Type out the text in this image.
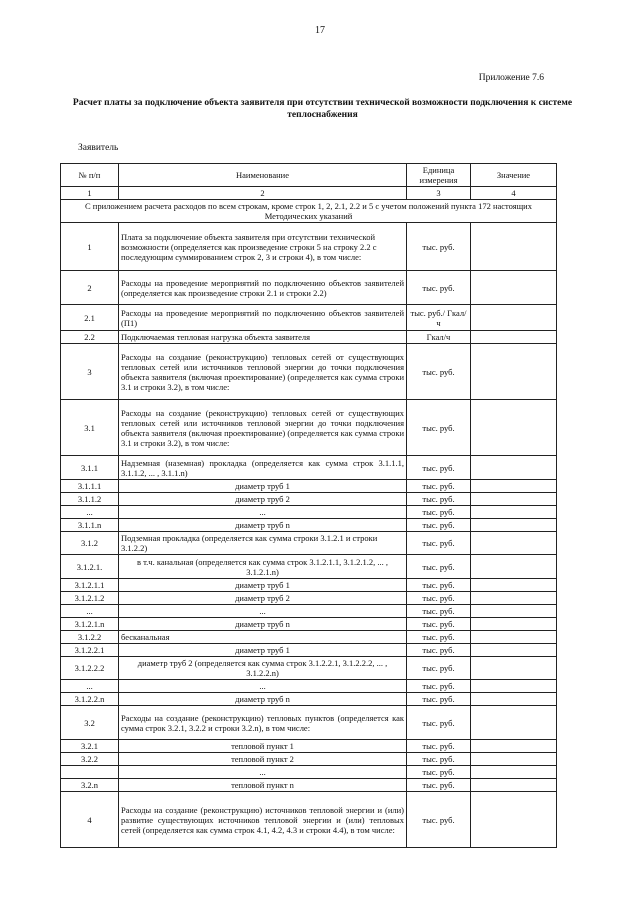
17
Приложение 7.6
Расчет платы за подключение объекта заявителя при отсутствии технической возможности подключения к системе теплоснабжения
Заявитель
№ п/п	Наименование	Единица измерения	Значение
1	2	3	4
С приложением расчета расходов по всем строкам, кроме строк 1, 2, 2.1, 2.2 и 5 с учетом положений пункта 172 настоящих Методических указаний			
1	Плата за подключение объекта заявителя при отсутствии технической возможности (определяется как произведение строки 5 на строку 2.2 с последующим суммированием строк 2, 3 и строки 4), в том числе:	тыс. руб.	
2	Расходы на проведение мероприятий по подключению объектов заявителей (определяется как произведение строки 2.1 и строки 2.2)	тыс. руб.	
2.1	Расходы на проведение мероприятий по подключению объектов заявителей (П1)	тыс. руб./ Гкал/ч	
2.2	Подключаемая тепловая нагрузка объекта заявителя	Гкал/ч	
3	Расходы на создание (реконструкцию) тепловых сетей от существующих тепловых сетей или источников тепловой энергии до точки подключения объекта заявителя (включая проектирование) (определяется как сумма строки 3.1 и строки 3.2), в том числе:	тыс. руб.	
3.1	Расходы на создание (реконструкцию) тепловых сетей от существующих тепловых сетей или источников тепловой энергии до точки подключения объекта заявителя (включая проектирование) (определяется как сумма строки 3.1 и строки 3.2), в том числе:	тыс. руб.	
3.1.1	Надземная (наземная) прокладка (определяется как сумма строк 3.1.1.1, 3.1.1.2, ... , 3.1.1.n)	тыс. руб.	
3.1.1.1	диаметр труб 1	тыс. руб.	
3.1.1.2	диаметр труб 2	тыс. руб.	
...	...	тыс. руб.	
3.1.1.n	диаметр труб n	тыс. руб.	
3.1.2	Подземная прокладка (определяется как сумма строки 3.1.2.1 и строки 3.1.2.2)	тыс. руб.	
3.1.2.1.	в т.ч. канальная (определяется как сумма строк 3.1.2.1.1, 3.1.2.1.2, ... , 3.1.2.1.n)	тыс. руб.	
3.1.2.1.1	диаметр труб 1	тыс. руб.	
3.1.2.1.2	диаметр труб 2	тыс. руб.	
...	...	тыс. руб.	
3.1.2.1.n	диаметр труб n	тыс. руб.	
3.1.2.2	бесканальная	тыс. руб.	
3.1.2.2.1	диаметр труб 1	тыс. руб.	
3.1.2.2.2	диаметр труб 2 (определяется как сумма строк 3.1.2.2.1, 3.1.2.2.2, ... , 3.1.2.2.n)	тыс. руб.	
...	...	тыс. руб.	
3.1.2.2.n	диаметр труб n	тыс. руб.	
3.2	Расходы на создание (реконструкцию) тепловых пунктов (определяется как сумма строк 3.2.1, 3.2.2 и строки 3.2.n), в том числе:	тыс. руб.	
3.2.1	тепловой пункт 1	тыс. руб.	
3.2.2	тепловой пункт 2	тыс. руб.	
	...	тыс. руб.	
3.2.n	тепловой пункт n	тыс. руб.	
4	Расходы на создание (реконструкцию) источников тепловой энергии и (или) развитие существующих источников тепловой энергии и (или) тепловых сетей (определяется как сумма строк 4.1, 4.2, 4.3 и строки 4.4), в том числе:	тыс. руб.	
